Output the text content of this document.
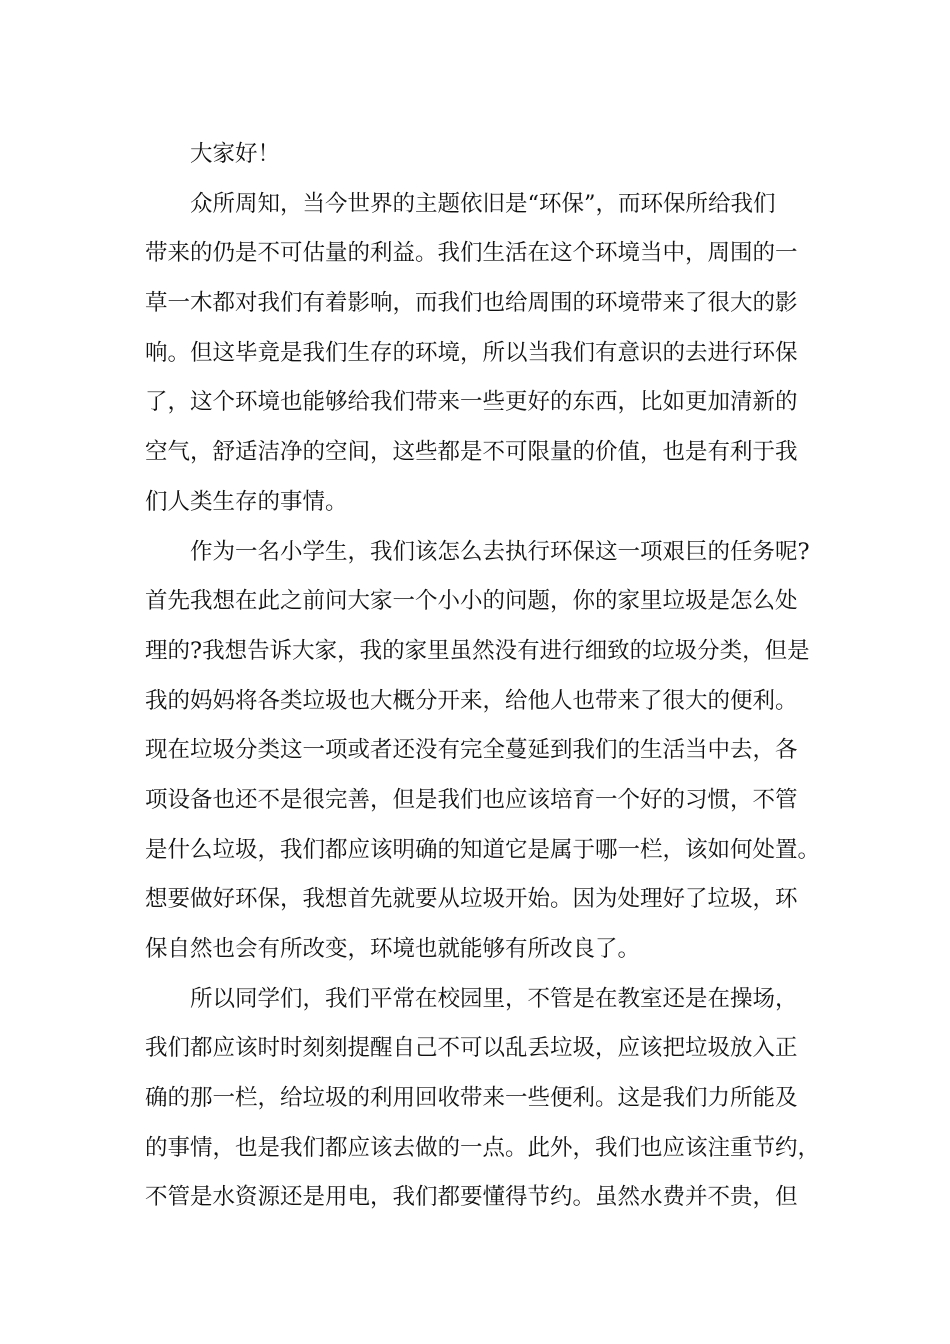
大家好！
众所周知，当今世界的主题依旧是“环保”，而环保所给我们
带来的仍是不可估量的利益。我们生活在这个环境当中，周围的一
草一木都对我们有着影响，而我们也给周围的环境带来了很大的影
响。但这毕竟是我们生存的环境，所以当我们有意识的去进行环保
了，这个环境也能够给我们带来一些更好的东西，比如更加清新的
空气，舒适洁净的空间，这些都是不可限量的价值，也是有利于我
们人类生存的事情。
作为一名小学生，我们该怎么去执行环保这一项艰巨的任务呢?
首先我想在此之前问大家一个小小的问题，你的家里垃圾是怎么处
理的?我想告诉大家，我的家里虽然没有进行细致的垃圾分类，但是
我的妈妈将各类垃圾也大概分开来，给他人也带来了很大的便利。
现在垃圾分类这一项或者还没有完全蔓延到我们的生活当中去，各
项设备也还不是很完善，但是我们也应该培育一个好的习惯，不管
是什么垃圾，我们都应该明确的知道它是属于哪一栏，该如何处置。
想要做好环保，我想首先就要从垃圾开始。因为处理好了垃圾，环
保自然也会有所改变，环境也就能够有所改良了。
所以同学们，我们平常在校园里，不管是在教室还是在操场，
我们都应该时时刻刻提醒自己不可以乱丢垃圾，应该把垃圾放入正
确的那一栏，给垃圾的利用回收带来一些便利。这是我们力所能及
的事情，也是我们都应该去做的一点。此外，我们也应该注重节约，
不管是水资源还是用电，我们都要懂得节约。虽然水费并不贵，但
